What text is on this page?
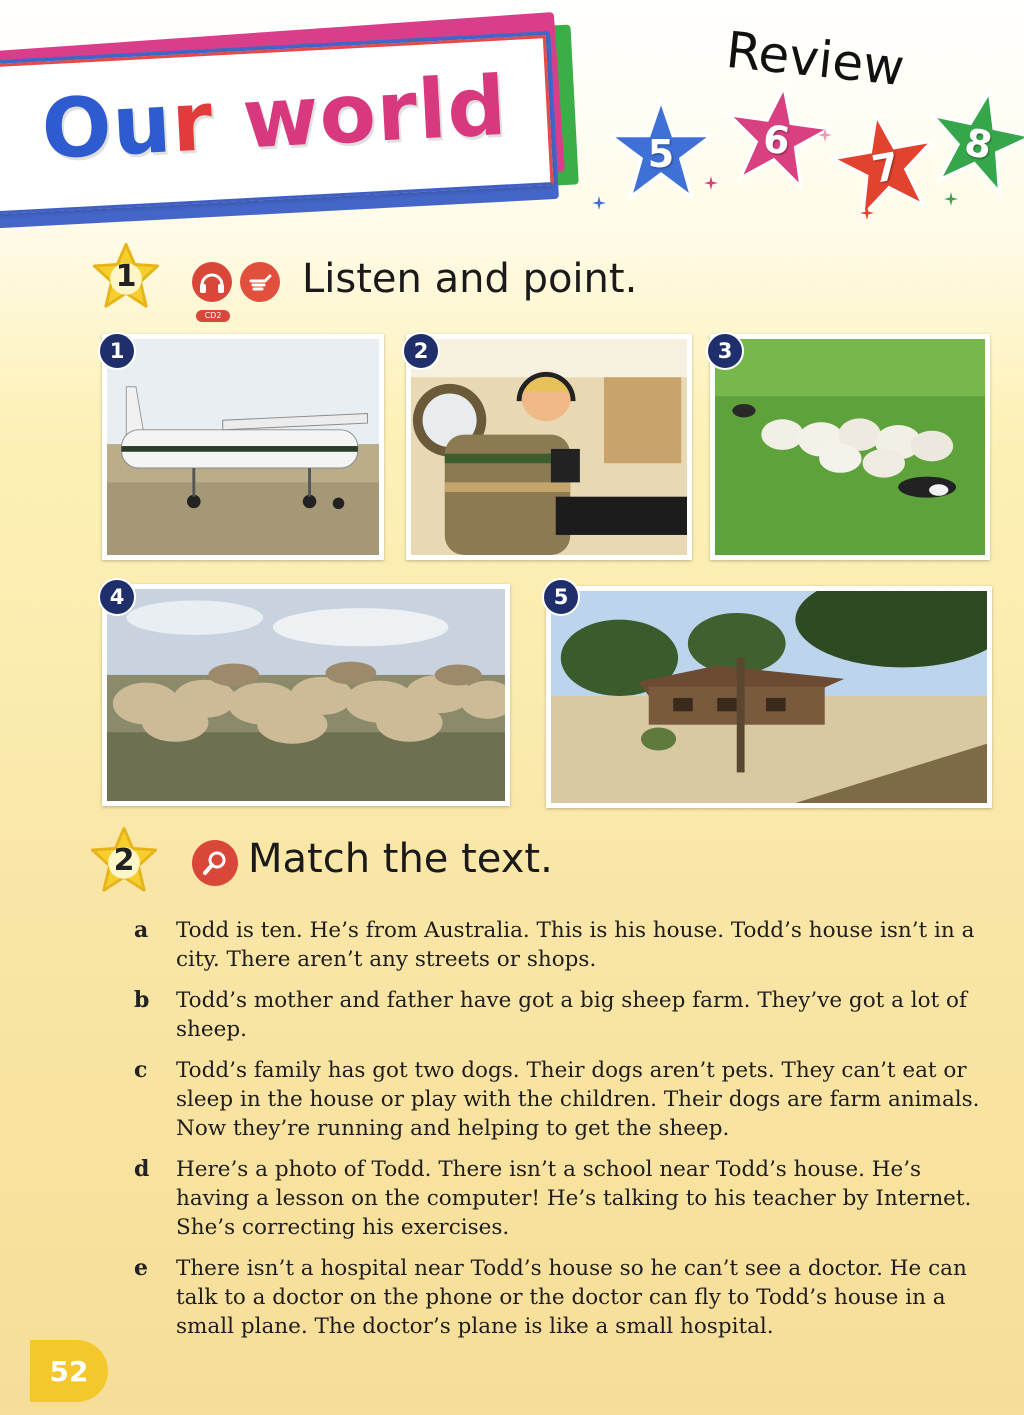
Our world	Review
5	6
7	8
1
CD2
Listen and point.
1	2	3
4	5
2	Match the text.
a	Todd is ten. He’s from Australia. This is his house. Todd’s house isn’t in a city. There aren’t any streets or shops.
b	Todd’s mother and father have got a big sheep farm. They’ve got a lot of sheep.
c	Todd’s family has got two dogs. Their dogs aren’t pets. They can’t eat or sleep in the house or play with the children. Their dogs are farm animals. Now they’re running and helping to get the sheep.
d	Here’s a photo of Todd. There isn’t a school near Todd’s house. He’s having a lesson on the computer! He’s talking to his teacher by Internet. She’s correcting his exercises.
e	There isn’t a hospital near Todd’s house so he can’t see a doctor. He can talk to a doctor on the phone or the doctor can fly to Todd’s house in a small plane. The doctor’s plane is like a small hospital.
52
